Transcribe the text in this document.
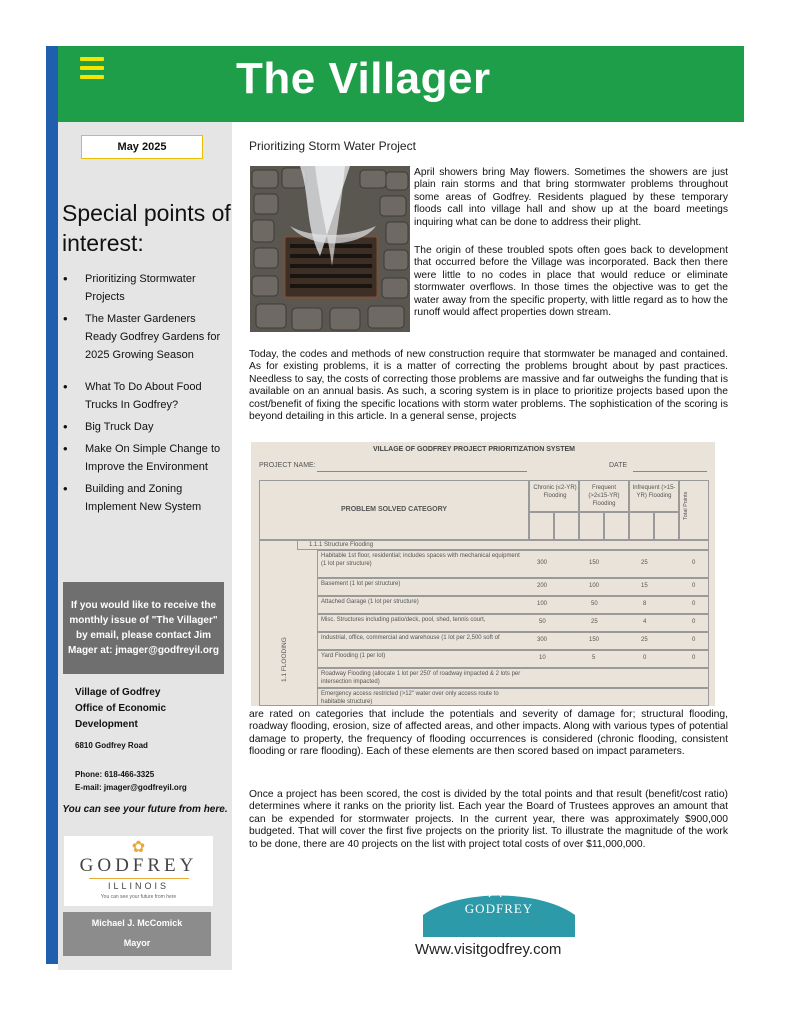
The Villager
May 2025
Special points of interest:
• Prioritizing Stormwater Projects
• The Master Gardeners Ready Godfrey Gardens for 2025 Growing Season
• What To Do About Food Trucks In Godfrey?
• Big Truck Day
• Make On Simple Change to Improve the Environment
• Building and Zoning Implement New System
If you would like to receive the monthly issue of "The Villager" by email, please contact Jim Mager at: jmager@godfreyil.org
Village of Godfrey
Office of Economic
Development
6810 Godfrey Road
Phone: 618-466-3325
E-mail: jmager@godfreyil.org
You can see your future from here.
✿
GODFREY
ILLINOIS
You can see your future from here
Michael J. McComick
Mayor
Prioritizing Storm Water Project
April showers bring May flowers. Sometimes the showers are just plain rain storms and that bring stormwater problems throughout some areas of Godfrey. Residents plagued by these temporary floods call into village hall and show up at the board meetings inquiring what can be done to address their plight.
The origin of these troubled spots often goes back to development that occurred before the Village was incorporated. Back then there were little to no codes in place that would reduce or eliminate stormwater overflows. In those times the objective was to get the water away from the specific property, with little regard as to how the runoff would affect properties down stream.
Today, the codes and methods of new construction require that stormwater be managed and contained. As for existing problems, it is a matter of correcting the problems brought about by past practices. Needless to say, the costs of correcting those problems are massive and far outweighs the funding that is available on an annual basis. As such, a scoring system is in place to prioritize projects based upon the cost/benefit of fixing the specific locations with storm water problems. The sophistication of the scoring is beyond detailing in this article. In a general sense, projects
VILLAGE OF GODFREY PROJECT PRIORITIZATION SYSTEM
PROJECT NAME:	DATE
PROBLEM SOLVED CATEGORY
Chronic (≤2-YR) Flooding
Frequent (>2≤15-YR) Flooding
Infrequent (>15-YR) Flooding	Total Points
1.1 FLOODING
1.1.1 Structure Flooding
Habitable 1st floor, residential; includes spaces with mechanical equipment (1 lot per structure)	300	150	25	0
Basement (1 lot per structure)	200	100	15	0
Attached Garage (1 lot per structure)	100	50	8	0
Misc. Structures including patio/deck, pool, shed, tennis court,	50	25	4	0
Industrial, office, commercial and warehouse (1 lot per 2,500 soft of	300	150	25	0
Yard Flooding (1 per lot)	10	5	0	0
Roadway Flooding (allocate 1 lot per 250' of roadway impacted & 2 lots per intersection impacted)
Emergency access restricted (>12" water over only access route to habitable structure)
are rated on categories that include the potentials and severity of damage for; structural flooding, roadway flooding, erosion, size of affected areas, and other impacts. Along with various types of potential damage to property, the frequency of flooding occurrences is considered (chronic flooding, consistent flooding or rare flooding). Each of these elements are then scored based on impact parameters.
Once a project has been scored, the cost is divided by the total points and that result (benefit/cost ratio) determines where it ranks on the priority list. Each year the Board of Trustees approves an amount that can be expended for stormwater projects. In the current year, there was approximately $900,000 budgeted. That will cover the first five projects on the priority list. To illustrate the magnitude of the work to be done, there are 40 projects on the list with project total costs of over $11,000,000.
GODFREY
Www.visitgodfrey.com
